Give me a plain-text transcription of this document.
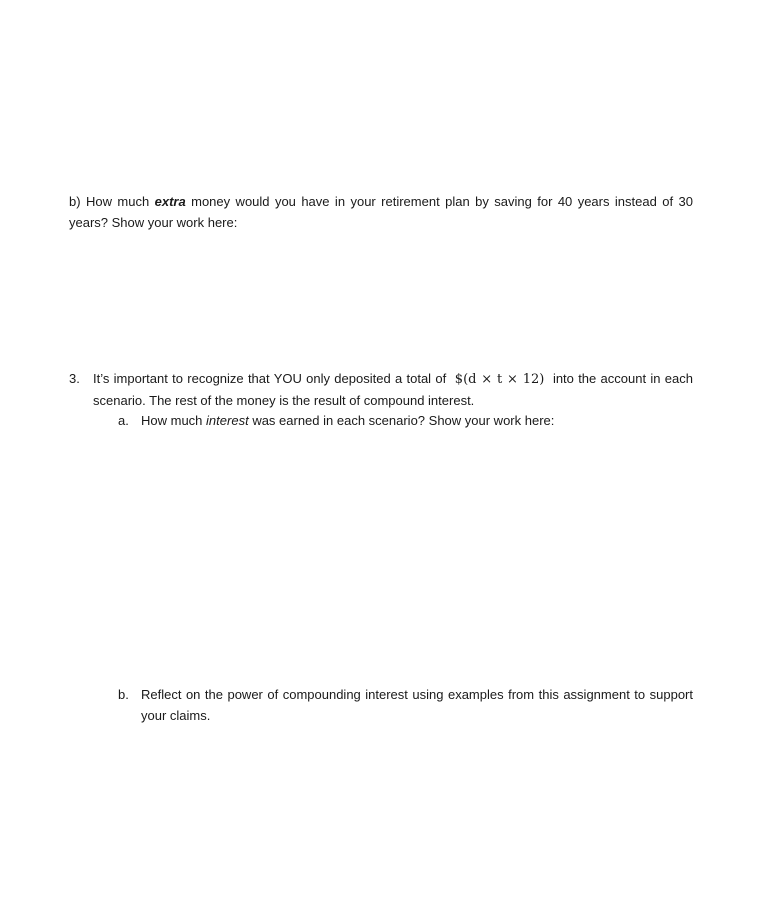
b) How much extra money would you have in your retirement plan by saving for 40 years instead of 30 years? Show your work here:

3. It’s important to recognize that YOU only deposited a total of $(d × t × 12) into the account in each scenario. The rest of the money is the result of compound interest.

a. How much interest was earned in each scenario? Show your work here:

b. Reflect on the power of compounding interest using examples from this assignment to support your claims.
